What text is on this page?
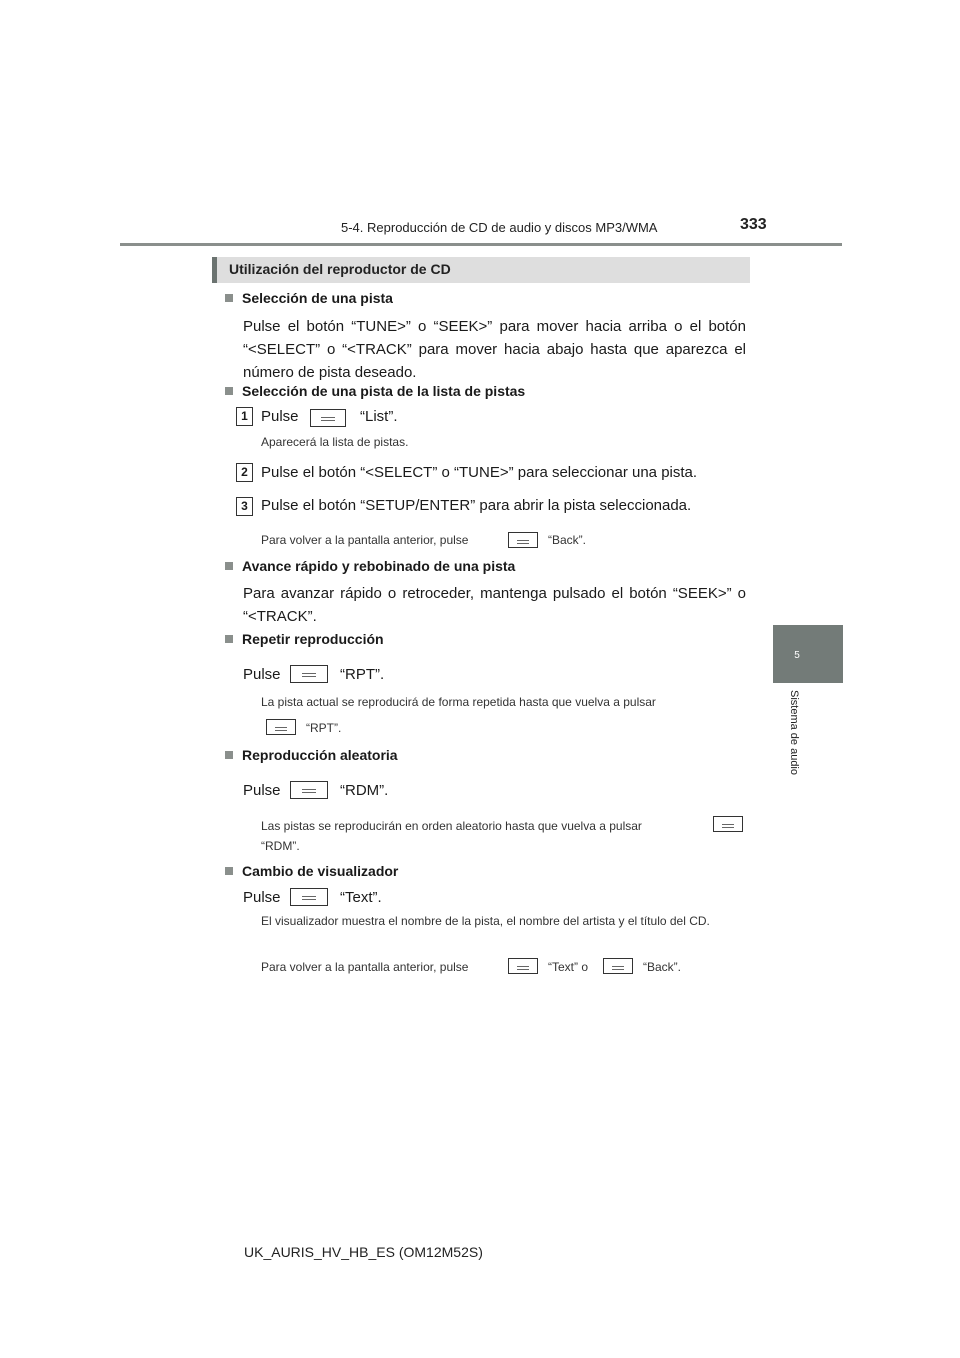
5-4. Reproducción de CD de audio y discos MP3/WMA	333
5
Sistema de audio
Utilización del reproductor de CD
Selección de una pista
Pulse el botón “TUNE>” o “SEEK>” para mover hacia arriba o el botón “<SELECT” o “<TRACK” para mover hacia abajo hasta que aparezca el número de pista deseado.
Selección de una pista de la lista de pistas
1 Pulse	“List”.
Aparecerá la lista de pistas.
2 Pulse el botón “<SELECT” o “TUNE>” para seleccionar una pista.
3 Pulse el botón “SETUP/ENTER” para abrir la pista seleccionada.
Para volver a la pantalla anterior, pulse	“Back”.
Avance rápido y rebobinado de una pista
Para avanzar rápido o retroceder, mantenga pulsado el botón “SEEK>” o “<TRACK”.
Repetir reproducción
Pulse	“RPT”.
La pista actual se reproducirá de forma repetida hasta que vuelva a pulsar
“RPT”.
Reproducción aleatoria
Pulse	“RDM”.
Las pistas se reproducirán en orden aleatorio hasta que vuelva a pulsar
“RDM”.
Cambio de visualizador
Pulse	“Text”.
El visualizador muestra el nombre de la pista, el nombre del artista y el título del CD.
Para volver a la pantalla anterior, pulse	“Text” o	“Back”.
UK_AURIS_HV_HB_ES (OM12M52S)
